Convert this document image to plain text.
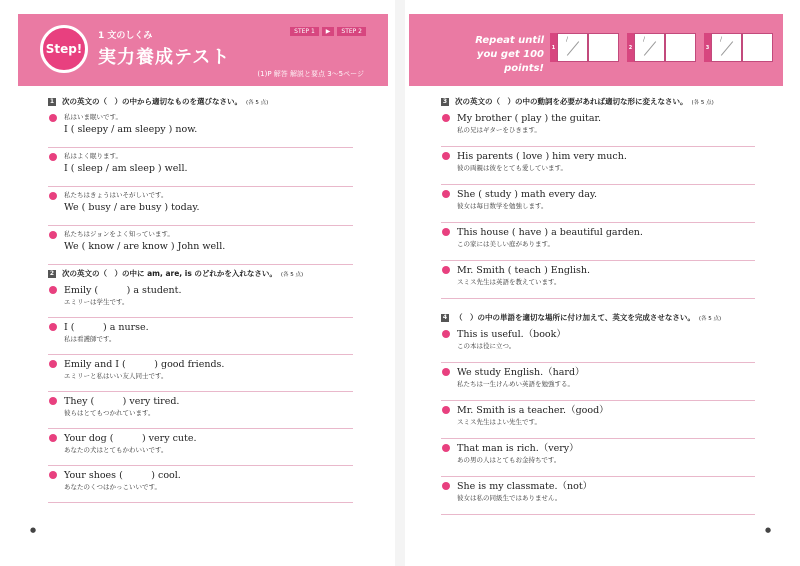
Step!
1 文のしくみ
実力養成テスト
STEP 1	▶	STEP 2
(1)P 解答 解説と要点 3〜5ページ
1 次の英文の（　）の中から適切なものを選びなさい。 (各 5 点)
私はいま眠いです。
I ( sleepy / am sleepy ) now.
私はよく眠ります。
I ( sleep / am sleep ) well.
私たちはきょうはいそがしいです。
We ( busy / are busy ) today.
私たちはジョンをよく知っています。
We ( know / are know ) John well.
2 次の英文の（　）の中に am, are, is のどれかを入れなさい。 (各 5 点)
Emily (　　　) a student.
エミリーは学生です。
I (　　　) a nurse.
私は看護師です。
Emily and I (　　　) good friends.
エミリーと私はいい友人同士です。
They (　　　) very tired.
彼らはとてもつかれています。
Your dog (　　　) very cute.
あなたの犬はとてもかわいいです。
Your shoes (　　　) cool.
あなたのくつはかっこいいです。
●
Repeat until
you get 100 points!
1 /	2 /	3
/
3 次の英文の（　）の中の動詞を必要があれば適切な形に変えなさい。 (各 5 点)
My brother ( play ) the guitar.
私の兄はギターをひきます。
His parents ( love ) him very much.
彼の両親は彼をとても愛しています。
She ( study ) math every day.
彼女は毎日数学を勉強します。
This house ( have ) a beautiful garden.
この家には美しい庭があります。
Mr. Smith ( teach ) English.
スミス先生は英語を教えています。
4 （　）の中の単語を適切な場所に付け加えて、英文を完成させなさい。 (各 5 点)
This is useful.（book）
この本は役に立つ。
We study English.（hard）
私たちは一生けんめい英語を勉強する。
Mr. Smith is a teacher.（good）
スミス先生はよい先生です。
That man is rich.（very）
あの男の人はとてもお金持ちです。
She is my classmate.（not）
彼女は私の同級生ではありません。
●
